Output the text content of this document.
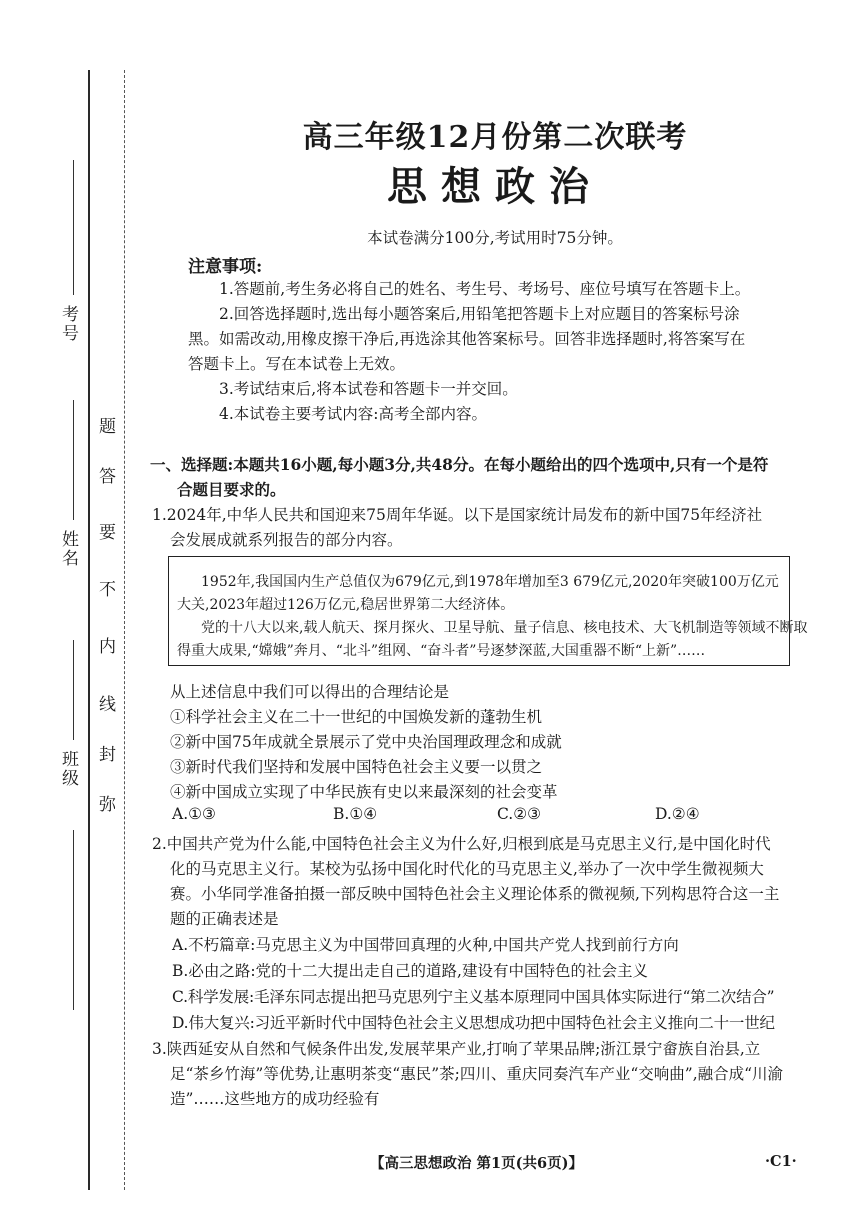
考号
姓名
班级
题
答
要
不
内
线
封
弥
高三年级12月份第二次联考
思想政治
本试卷满分100分,考试用时75分钟。
注意事项:
1.答题前,考生务必将自己的姓名、考生号、考场号、座位号填写在答题卡上。
2.回答选择题时,选出每小题答案后,用铅笔把答题卡上对应题目的答案标号涂
黑。如需改动,用橡皮擦干净后,再选涂其他答案标号。回答非选择题时,将答案写在
答题卡上。写在本试卷上无效。
3.考试结束后,将本试卷和答题卡一并交回。
4.本试卷主要考试内容:高考全部内容。
一、选择题:本题共16小题,每小题3分,共48分。在每小题给出的四个选项中,只有一个是符
合题目要求的。
1.2024年,中华人民共和国迎来75周年华诞。以下是国家统计局发布的新中国75年经济社
会发展成就系列报告的部分内容。
1952年,我国国内生产总值仅为679亿元,到1978年增加至3 679亿元,2020年突破100万亿元
大关,2023年超过126万亿元,稳居世界第二大经济体。
党的十八大以来,载人航天、探月探火、卫星导航、量子信息、核电技术、大飞机制造等领域不断取
得重大成果,“嫦娥”奔月、“北斗”组网、“奋斗者”号逐梦深蓝,大国重器不断“上新”……
从上述信息中我们可以得出的合理结论是
①科学社会主义在二十一世纪的中国焕发新的蓬勃生机
②新中国75年成就全景展示了党中央治国理政理念和成就
③新时代我们坚持和发展中国特色社会主义要一以贯之
④新中国成立实现了中华民族有史以来最深刻的社会变革
A.①③	B.①④	C.②③	D.②④
2.中国共产党为什么能,中国特色社会主义为什么好,归根到底是马克思主义行,是中国化时代
化的马克思主义行。某校为弘扬中国化时代化的马克思主义,举办了一次中学生微视频大
赛。小华同学准备拍摄一部反映中国特色社会主义理论体系的微视频,下列构思符合这一主
题的正确表述是
A.不朽篇章:马克思主义为中国带回真理的火种,中国共产党人找到前行方向
B.必由之路:党的十二大提出走自己的道路,建设有中国特色的社会主义
C.科学发展:毛泽东同志提出把马克思列宁主义基本原理同中国具体实际进行“第二次结合”
D.伟大复兴:习近平新时代中国特色社会主义思想成功把中国特色社会主义推向二十一世纪
3.陕西延安从自然和气候条件出发,发展苹果产业,打响了苹果品牌;浙江景宁畲族自治县,立
足“茶乡竹海”等优势,让惠明茶变“惠民”茶;四川、重庆同奏汽车产业“交响曲”,融合成“川渝
造”……这些地方的成功经验有
【高三思想政治 第1页(共6页)】	·C1·
